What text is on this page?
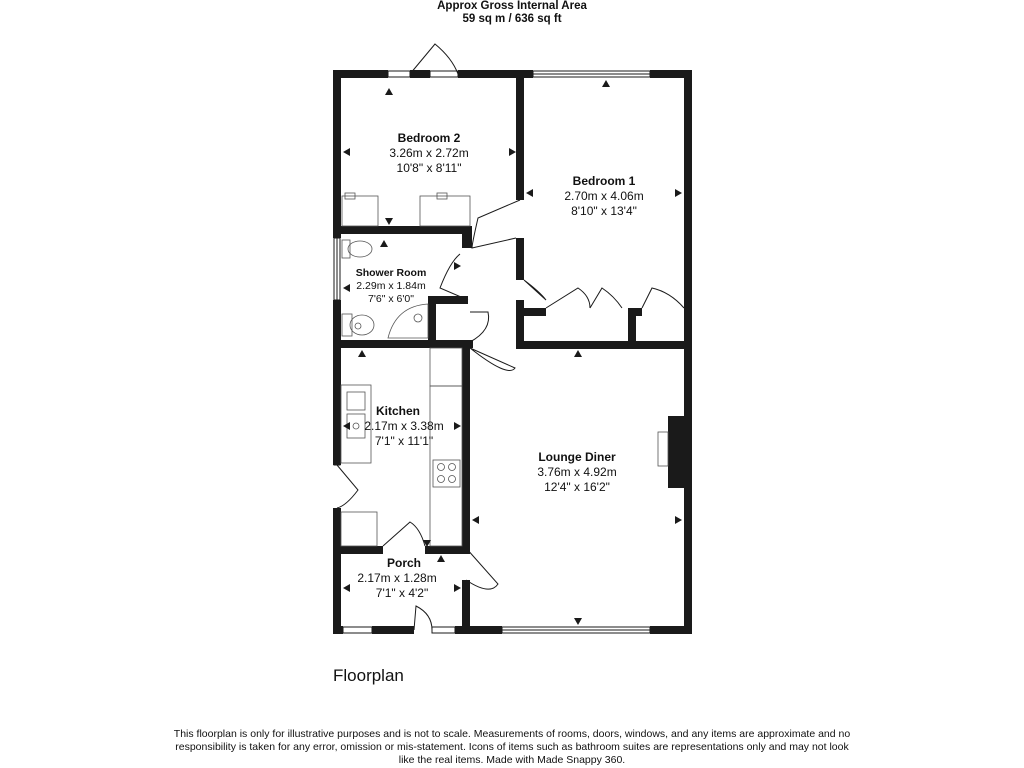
Approx Gross Internal Area
59 sq m / 636 sq ft
Bedroom 2
3.26m x 2.72m
10'8" x 8'11"
Bedroom 1
2.70m x 4.06m
8'10" x 13'4"
Shower Room
2.29m x 1.84m
7'6" x 6'0"
Kitchen
2.17m x 3.38m
7'1" x 11'1"
Lounge Diner
3.76m x 4.92m
12'4" x 16'2"
Porch
2.17m x 1.28m
7'1" x 4'2"
Floorplan
This floorplan is only for illustrative purposes and is not to scale. Measurements of rooms, doors, windows, and any items are approximate and no responsibility is taken for any error, omission or mis-statement. Icons of items such as bathroom suites are representations only and may not look like the real items. Made with Made Snappy 360.
